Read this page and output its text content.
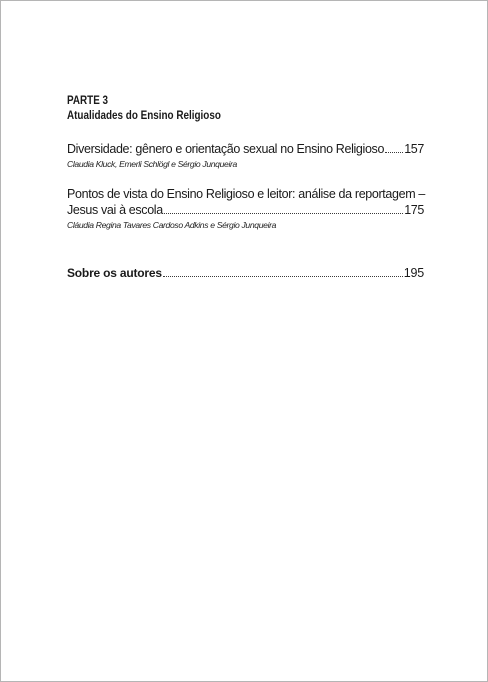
PARTE 3
Atualidades do Ensino Religioso
Diversidade: gênero e orientação sexual no Ensino Religioso 157
Claudia Kluck, Emerli Schlögl e Sérgio Junqueira
Pontos de vista do Ensino Religioso e leitor: análise da reportagem –
Jesus vai à escola	175
Cláudia Regina Tavares Cardoso Adkins e Sérgio Junqueira
Sobre os autores	195
